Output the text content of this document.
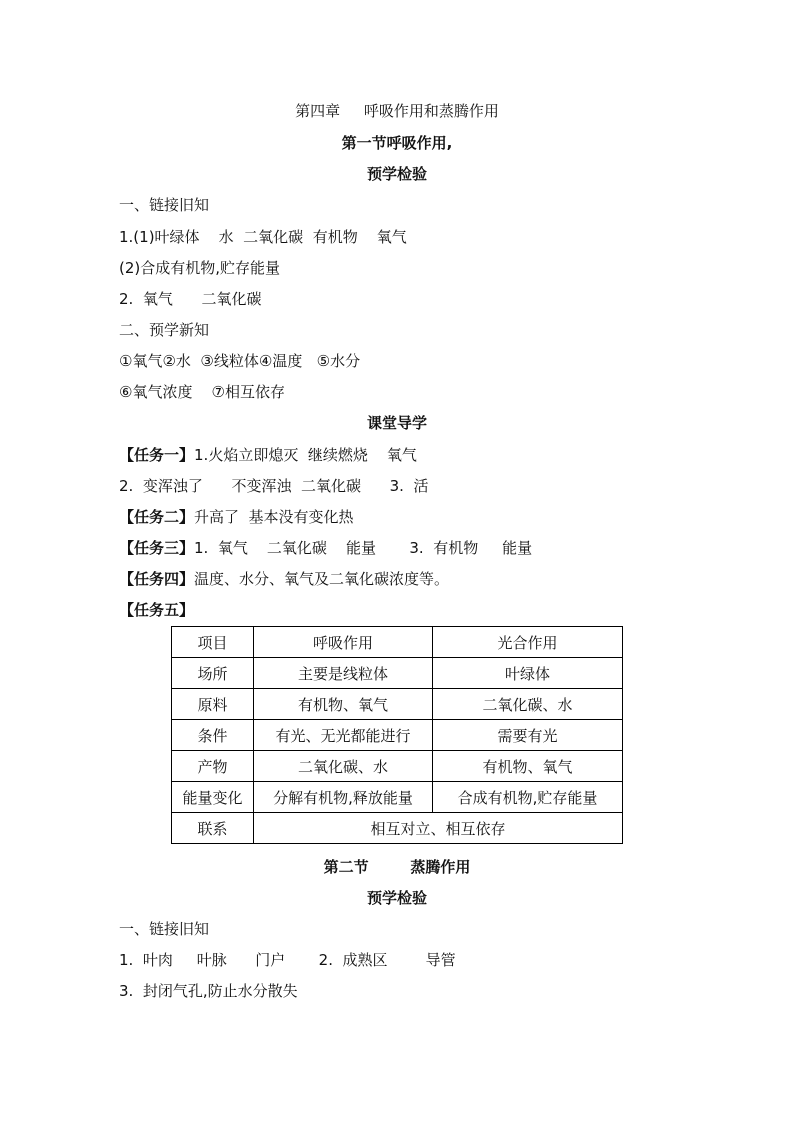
第四章     呼吸作用和蒸腾作用
第一节呼吸作用,
预学检验
一、链接旧知
1.(1)叶绿体    水  二氧化碳  有机物    氧气
(2)合成有机物,贮存能量
2.  氧气      二氧化碳
二、预学新知
①氧气②水  ③线粒体④温度   ⑤水分
⑥氧气浓度    ⑦相互依存
课堂导学
【任务一】1.火焰立即熄灭  继续燃烧    氧气
2.  变浑浊了      不变浑浊  二氧化碳      3.  活
【任务二】升高了  基本没有变化热
【任务三】1.  氧气    二氧化碳    能量       3.  有机物     能量
【任务四】温度、水分、氧气及二氧化碳浓度等。
【任务五】
项目	呼吸作用	光合作用
场所	主要是线粒体	叶绿体
原料	有机物、氧气	二氧化碳、水
条件	有光、无光都能进行	需要有光
产物	二氧化碳、水	有机物、氧气
能量变化	分解有机物,释放能量	合成有机物,贮存能量
联系	相互对立、相互依存	
第二节        蒸腾作用
预学检验
一、链接旧知
1.  叶肉     叶脉      门户       2.  成熟区        导管
3.  封闭气孔,防止水分散失
